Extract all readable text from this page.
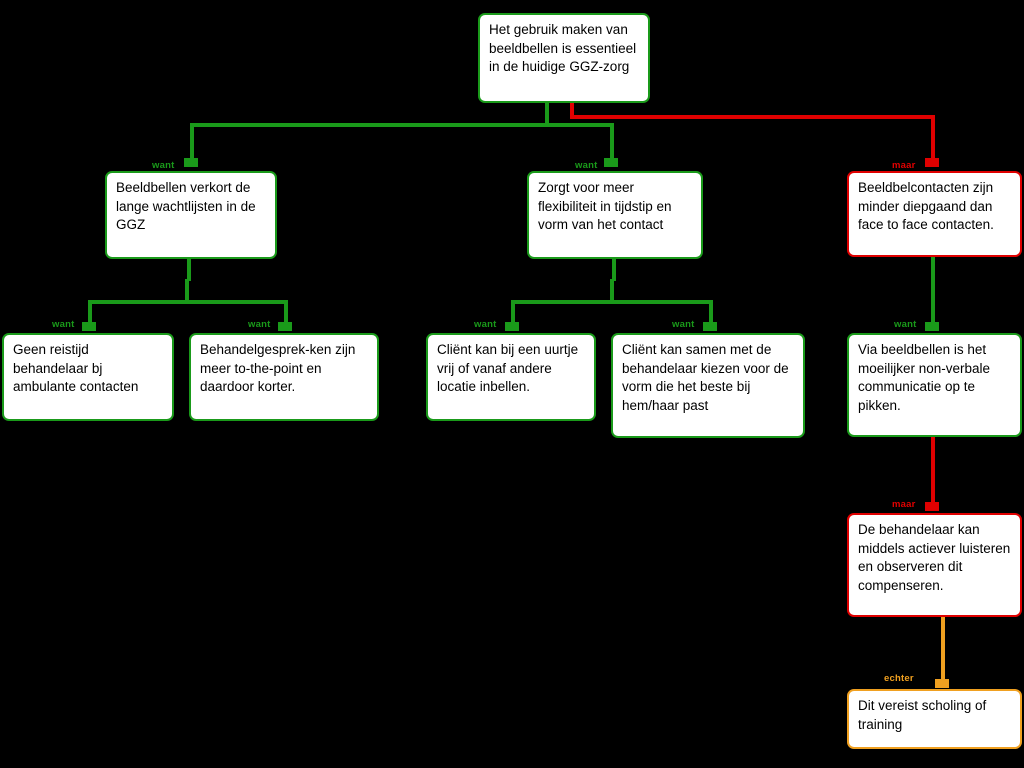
want	want	maar
want	want	want	want	want
maar
echter
Het gebruik maken van beeldbellen is essentieel in de huidige GGZ-zorg
Beeldbellen verkort de lange wachtlijsten in de GGZ
Zorgt voor meer flexibiliteit in tijdstip en vorm van het contact
Beeldbelcontacten zijn minder diepgaand dan face to face contacten.
Geen reistijd behandelaar bj ambulante contacten
Behandelgesprek-ken zijn meer to-the-point en daardoor korter.
Cliënt kan bij een uurtje vrij of vanaf andere locatie inbellen.
Cliënt kan samen met de behandelaar kiezen voor de vorm die het beste bij hem/haar past
Via beeldbellen is het moeilijker non-verbale communicatie op te pikken.
De behandelaar kan middels actiever luisteren en observeren dit compenseren.
Dit vereist scholing of training
